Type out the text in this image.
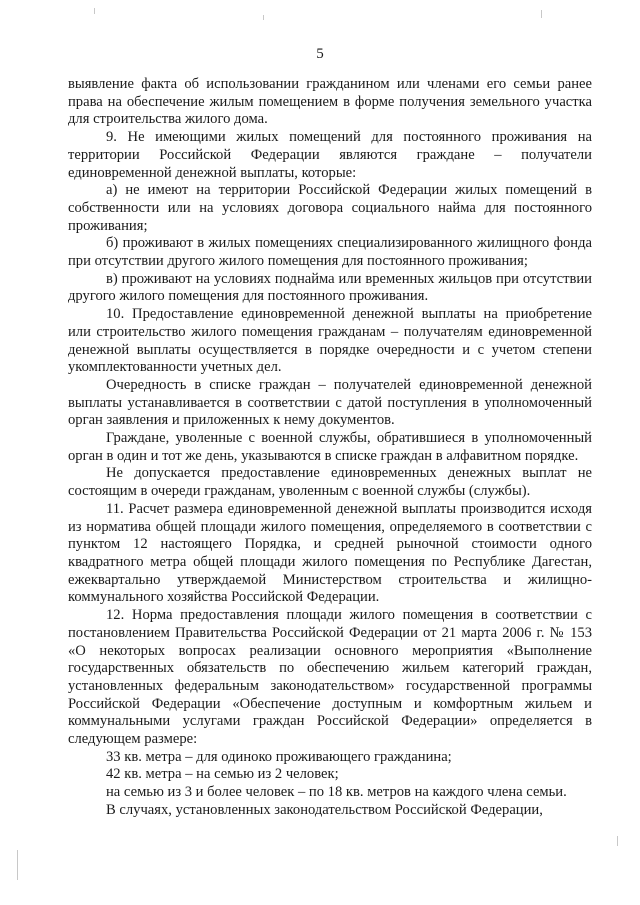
5

выявление факта об использовании гражданином или членами его семьи ранее права на обеспечение жилым помещением в форме получения земельного участка для строительства жилого дома.

9. Не имеющими жилых помещений для постоянного проживания на территории Российской Федерации являются граждане – получатели единовременной денежной выплаты, которые:

а) не имеют на территории Российской Федерации жилых помещений в собственности или на условиях договора социального найма для постоянного проживания;

б) проживают в жилых помещениях специализированного жилищного фонда при отсутствии другого жилого помещения для постоянного проживания;

в) проживают на условиях поднайма или временных жильцов при отсутствии другого жилого помещения для постоянного проживания.

10. Предоставление единовременной денежной выплаты на приобретение или строительство жилого помещения гражданам – получателям единовременной денежной выплаты осуществляется в порядке очередности и с учетом степени укомплектованности учетных дел.

Очередность в списке граждан – получателей единовременной денежной выплаты устанавливается в соответствии с датой поступления в уполномоченный орган заявления и приложенных к нему документов.

Граждане, уволенные с военной службы, обратившиеся в уполномоченный орган в один и тот же день, указываются в списке граждан в алфавитном порядке.

Не допускается предоставление единовременных денежных выплат не состоящим в очереди гражданам, уволенным с военной службы (службы).

11. Расчет размера единовременной денежной выплаты производится исходя из норматива общей площади жилого помещения, определяемого в соответствии с пунктом 12 настоящего Порядка, и средней рыночной стоимости одного квадратного метра общей площади жилого помещения по Республике Дагестан, ежеквартально утверждаемой Министерством строительства и жилищно-коммунального хозяйства Российской Федерации.

12. Норма предоставления площади жилого помещения в соответствии с постановлением Правительства Российской Федерации от 21 марта 2006 г. № 153 «О некоторых вопросах реализации основного мероприятия «Выполнение государственных обязательств по обеспечению жильем категорий граждан, установленных федеральным законодательством» государственной программы Российской Федерации «Обеспечение доступным и комфортным жильем и коммунальными услугами граждан Российской Федерации» определяется в следующем размере:

33 кв. метра – для одиноко проживающего гражданина;

42 кв. метра – на семью из 2 человек;

на семью из 3 и более человек – по 18 кв. метров на каждого члена семьи.

В случаях, установленных законодательством Российской Федерации,
